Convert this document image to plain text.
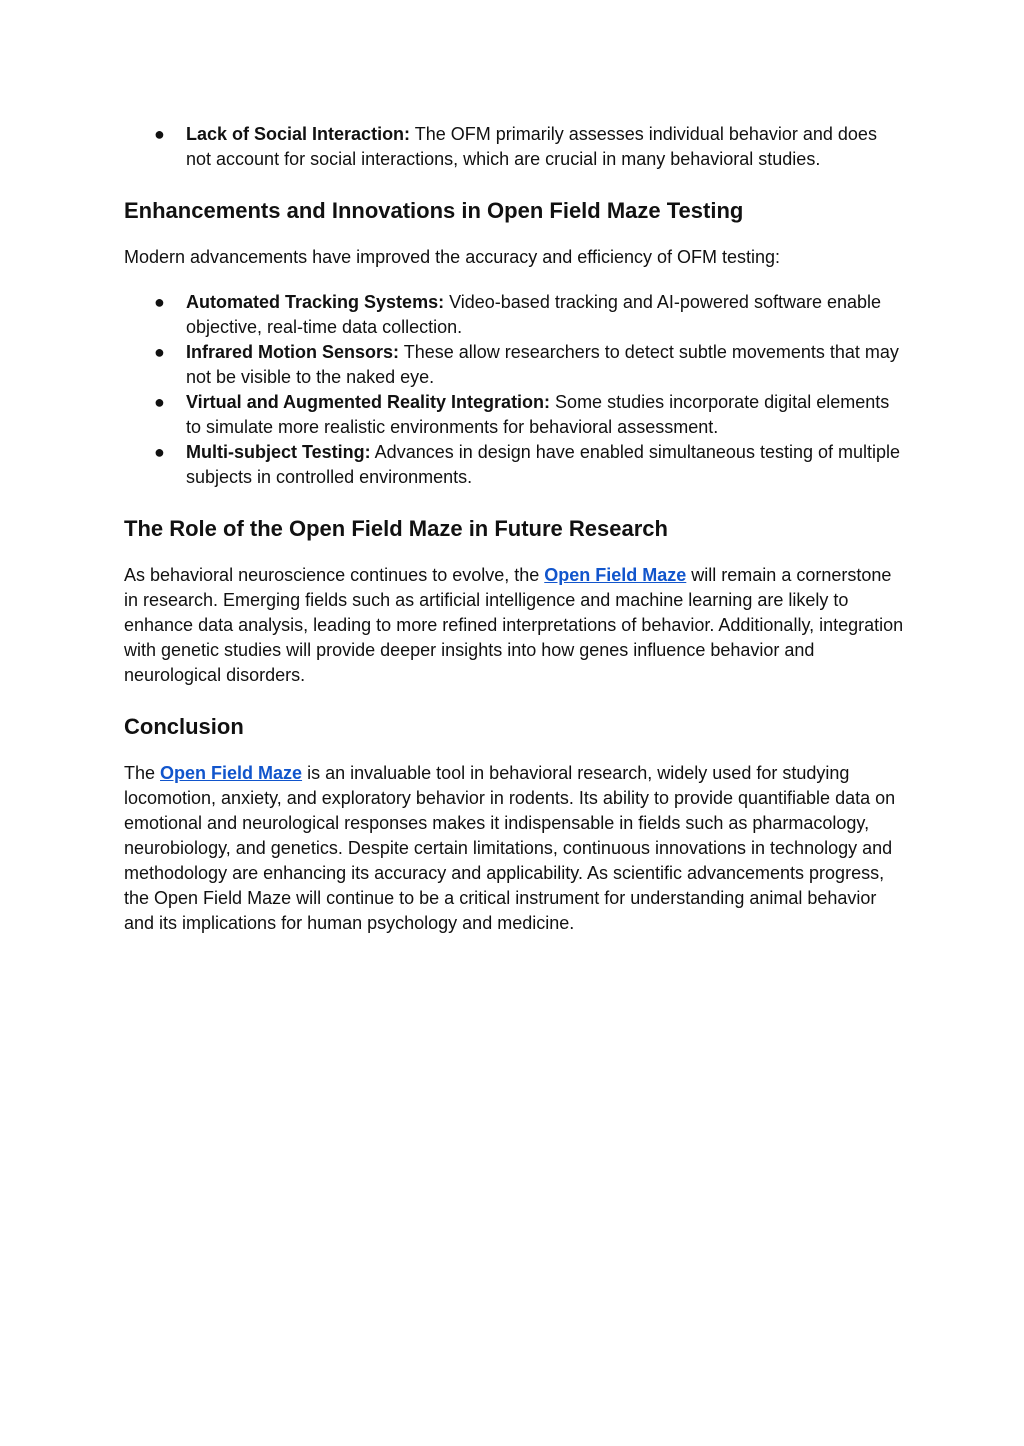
● Lack of Social Interaction: The OFM primarily assesses individual behavior and does not account for social interactions, which are crucial in many behavioral studies.
Enhancements and Innovations in Open Field Maze Testing

Modern advancements have improved the accuracy and efficiency of OFM testing:

● Automated Tracking Systems: Video-based tracking and AI-powered software enable objective, real-time data collection.
● Infrared Motion Sensors: These allow researchers to detect subtle movements that may not be visible to the naked eye.
● Virtual and Augmented Reality Integration: Some studies incorporate digital elements to simulate more realistic environments for behavioral assessment.
● Multi-subject Testing: Advances in design have enabled simultaneous testing of multiple subjects in controlled environments.
The Role of the Open Field Maze in Future Research

As behavioral neuroscience continues to evolve, the Open Field Maze will remain a cornerstone in research. Emerging fields such as artificial intelligence and machine learning are likely to enhance data analysis, leading to more refined interpretations of behavior. Additionally, integration with genetic studies will provide deeper insights into how genes influence behavior and neurological disorders.

Conclusion

The Open Field Maze is an invaluable tool in behavioral research, widely used for studying locomotion, anxiety, and exploratory behavior in rodents. Its ability to provide quantifiable data on emotional and neurological responses makes it indispensable in fields such as pharmacology, neurobiology, and genetics. Despite certain limitations, continuous innovations in technology and methodology are enhancing its accuracy and applicability. As scientific advancements progress, the Open Field Maze will continue to be a critical instrument for understanding animal behavior and its implications for human psychology and medicine.
